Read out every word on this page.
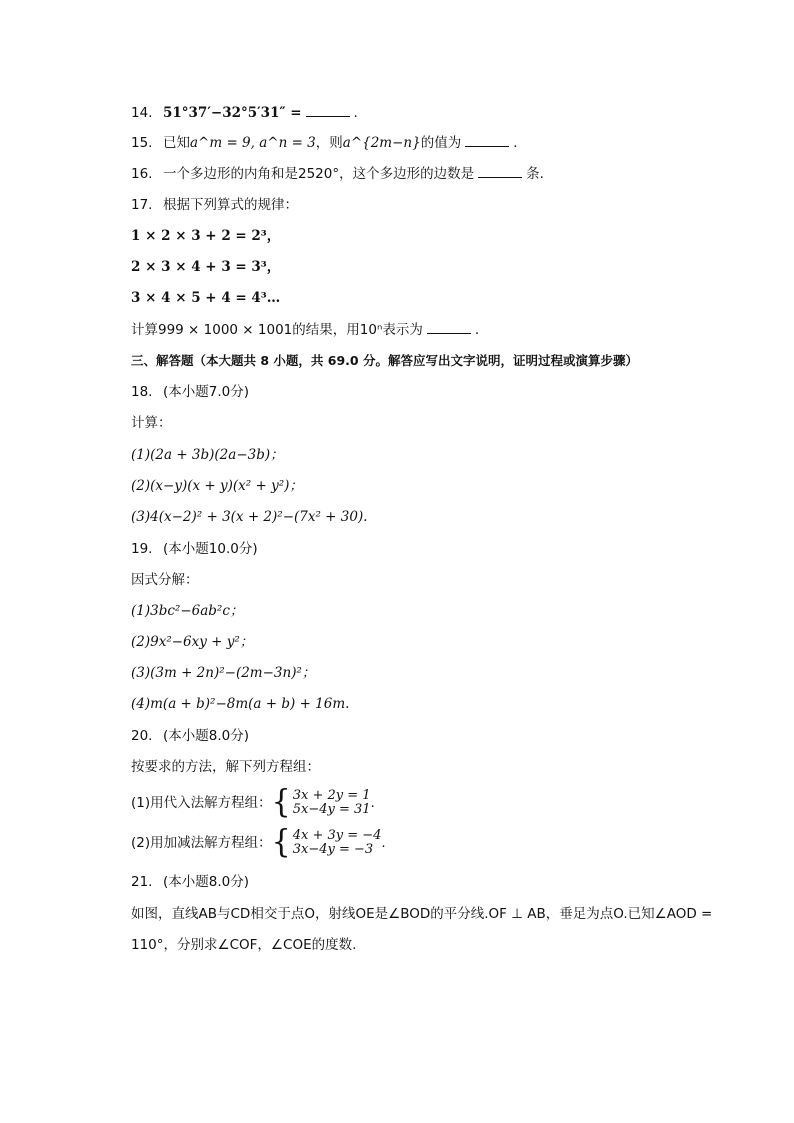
14. 51°37′−32°5′31″ =	.
15. 已知a^m = 9, a^n = 3，则a^{2m−n}的值为	.
16. 一个多边形的内角和是2520°，这个多边形的边数是	条.
17. 根据下列算式的规律：
1 × 2 × 3 + 2 = 2³，
2 × 3 × 4 + 3 = 3³，
3 × 4 × 5 + 4 = 4³…
计算999 × 1000 × 1001的结果，用10ⁿ表示为	.
三、解答题（本大题共 8 小题，共 69.0 分。解答应写出文字说明，证明过程或演算步骤）
18. (本小题7.0分)
计算：
(1)(2a + 3b)(2a−3b)；
(2)(x−y)(x + y)(x² + y²)；
(3)4(x−2)² + 3(x + 2)²−(7x² + 30).
19. (本小题10.0分)
因式分解：
(1)3bc²−6ab²c；
(2)9x²−6xy + y²；
(3)(3m + 2n)²−(2m−3n)²；
(4)m(a + b)²−8m(a + b) + 16m.
20. (本小题8.0分)
按要求的方法，解下列方程组：
(1)用代入法解方程组： { 3x + 2y = 1
5x−4y = 31 .
(2)用加减法解方程组： { 4x + 3y = −4
3x−4y = −3 .
21. (本小题8.0分)
如图，直线AB与CD相交于点O，射线OE是∠BOD的平分线.OF ⊥ AB，垂足为点O.已知∠AOD =
110°，分别求∠COF，∠COE的度数.
